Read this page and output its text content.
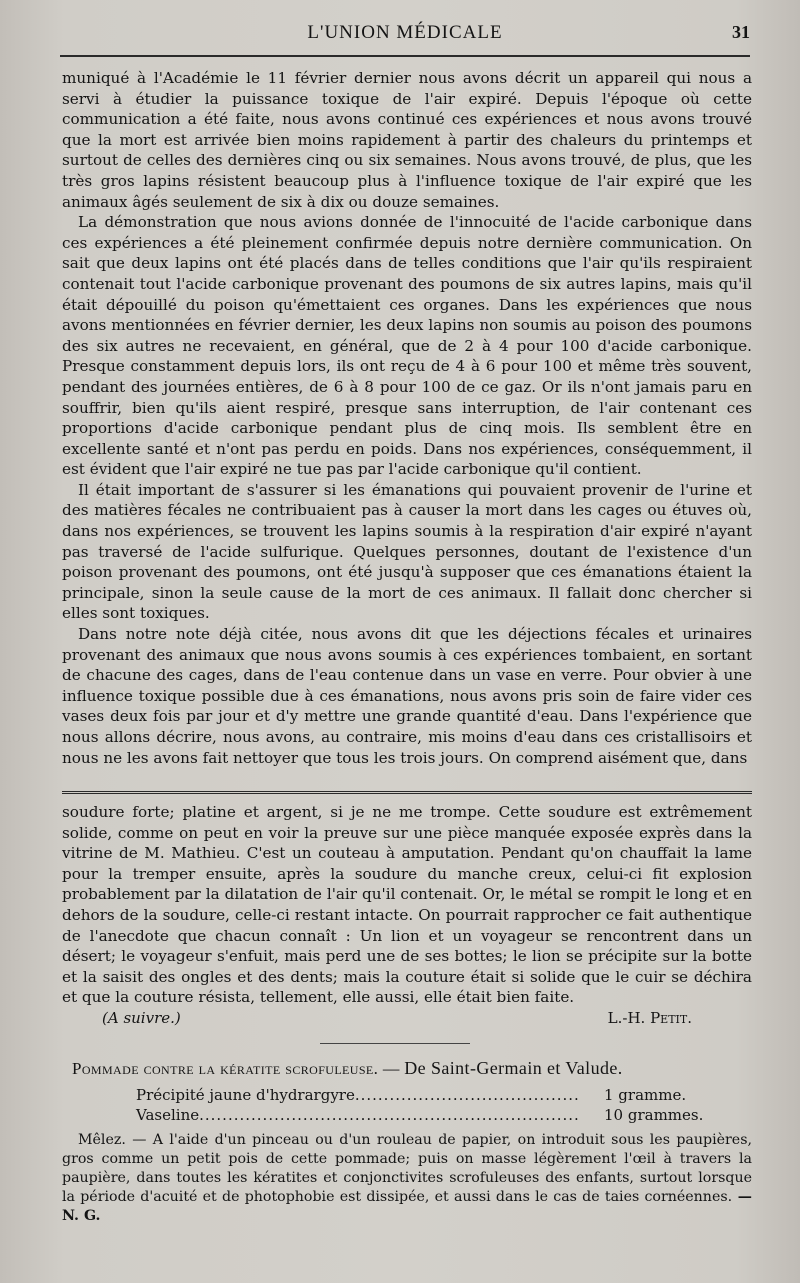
L'UNION MÉDICALE	31

muniqué à l'Académie le 11 février dernier nous avons décrit un appareil qui nous a servi à étudier la puissance toxique de l'air expiré. Depuis l'époque où cette communication a été faite, nous avons continué ces expériences et nous avons trouvé que la mort est arrivée bien moins rapidement à partir des chaleurs du printemps et surtout de celles des dernières cinq ou six semaines. Nous avons trouvé, de plus, que les très gros lapins résistent beaucoup plus à l'influence toxique de l'air expiré que les animaux âgés seulement de six à dix ou douze semaines.

La démonstration que nous avions donnée de l'innocuité de l'acide carbonique dans ces expériences a été pleinement confirmée depuis notre dernière communication. On sait que deux lapins ont été placés dans de telles conditions que l'air qu'ils respiraient contenait tout l'acide carbonique provenant des poumons de six autres lapins, mais qu'il était dépouillé du poison qu'émettaient ces organes. Dans les expériences que nous avons mentionnées en février dernier, les deux lapins non soumis au poison des poumons des six autres ne recevaient, en général, que de 2 à 4 pour 100 d'acide carbonique. Presque constamment depuis lors, ils ont reçu de 4 à 6 pour 100 et même très souvent, pendant des journées entières, de 6 à 8 pour 100 de ce gaz. Or ils n'ont jamais paru en souffrir, bien qu'ils aient respiré, presque sans interruption, de l'air contenant ces proportions d'acide carbonique pendant plus de cinq mois. Ils semblent être en excellente santé et n'ont pas perdu en poids. Dans nos expériences, conséquemment, il est évident que l'air expiré ne tue pas par l'acide carbonique qu'il contient.

Il était important de s'assurer si les émanations qui pouvaient provenir de l'urine et des matières fécales ne contribuaient pas à causer la mort dans les cages ou étuves où, dans nos expériences, se trouvent les lapins soumis à la respiration d'air expiré n'ayant pas traversé de l'acide sulfurique. Quelques personnes, doutant de l'existence d'un poison provenant des poumons, ont été jusqu'à supposer que ces émanations étaient la principale, sinon la seule cause de la mort de ces animaux. Il fallait donc chercher si elles sont toxiques.

Dans notre note déjà citée, nous avons dit que les déjections fécales et urinaires provenant des animaux que nous avons soumis à ces expériences tombaient, en sortant de chacune des cages, dans de l'eau contenue dans un vase en verre. Pour obvier à une influence toxique possible due à ces émanations, nous avons pris soin de faire vider ces vases deux fois par jour et d'y mettre une grande quantité d'eau. Dans l'expérience que nous allons décrire, nous avons, au contraire, mis moins d'eau dans ces cristallisoirs et nous ne les avons fait nettoyer que tous les trois jours. On comprend aisément que, dans

soudure forte; platine et argent, si je ne me trompe. Cette soudure est extrêmement solide, comme on peut en voir la preuve sur une pièce manquée exposée exprès dans la vitrine de M. Mathieu. C'est un couteau à amputation. Pendant qu'on chauffait la lame pour la tremper ensuite, après la soudure du manche creux, celui-ci fit explosion probablement par la dilatation de l'air qu'il contenait. Or, le métal se rompit le long et en dehors de la soudure, celle-ci restant intacte. On pourrait rapprocher ce fait authentique de l'anecdote que chacun connaît : Un lion et un voyageur se rencontrent dans un désert; le voyageur s'enfuit, mais perd une de ses bottes; le lion se précipite sur la botte et la saisit des ongles et des dents; mais la couture était si solide que le cuir se déchira et que la couture résista, tellement, elle aussi, elle était bien faite.

(A suivre.)	L.-H. Petit.
Pommade contre la kératite scrofuleuse. — De Saint-Germain et Valude.
Précipité jaune d'hydrargyre .....	1 gramme.
Vaseline .....	10 grammes.

Mêlez. — A l'aide d'un pinceau ou d'un rouleau de papier, on introduit sous les paupières, gros comme un petit pois de cette pommade; puis on masse légèrement l'œil à travers la paupière, dans toutes les kératites et conjonctivites scrofuleuses des enfants, surtout lorsque la période d'acuité et de photophobie est dissipée, et aussi dans le cas de taies cornéennes. — N. G.
